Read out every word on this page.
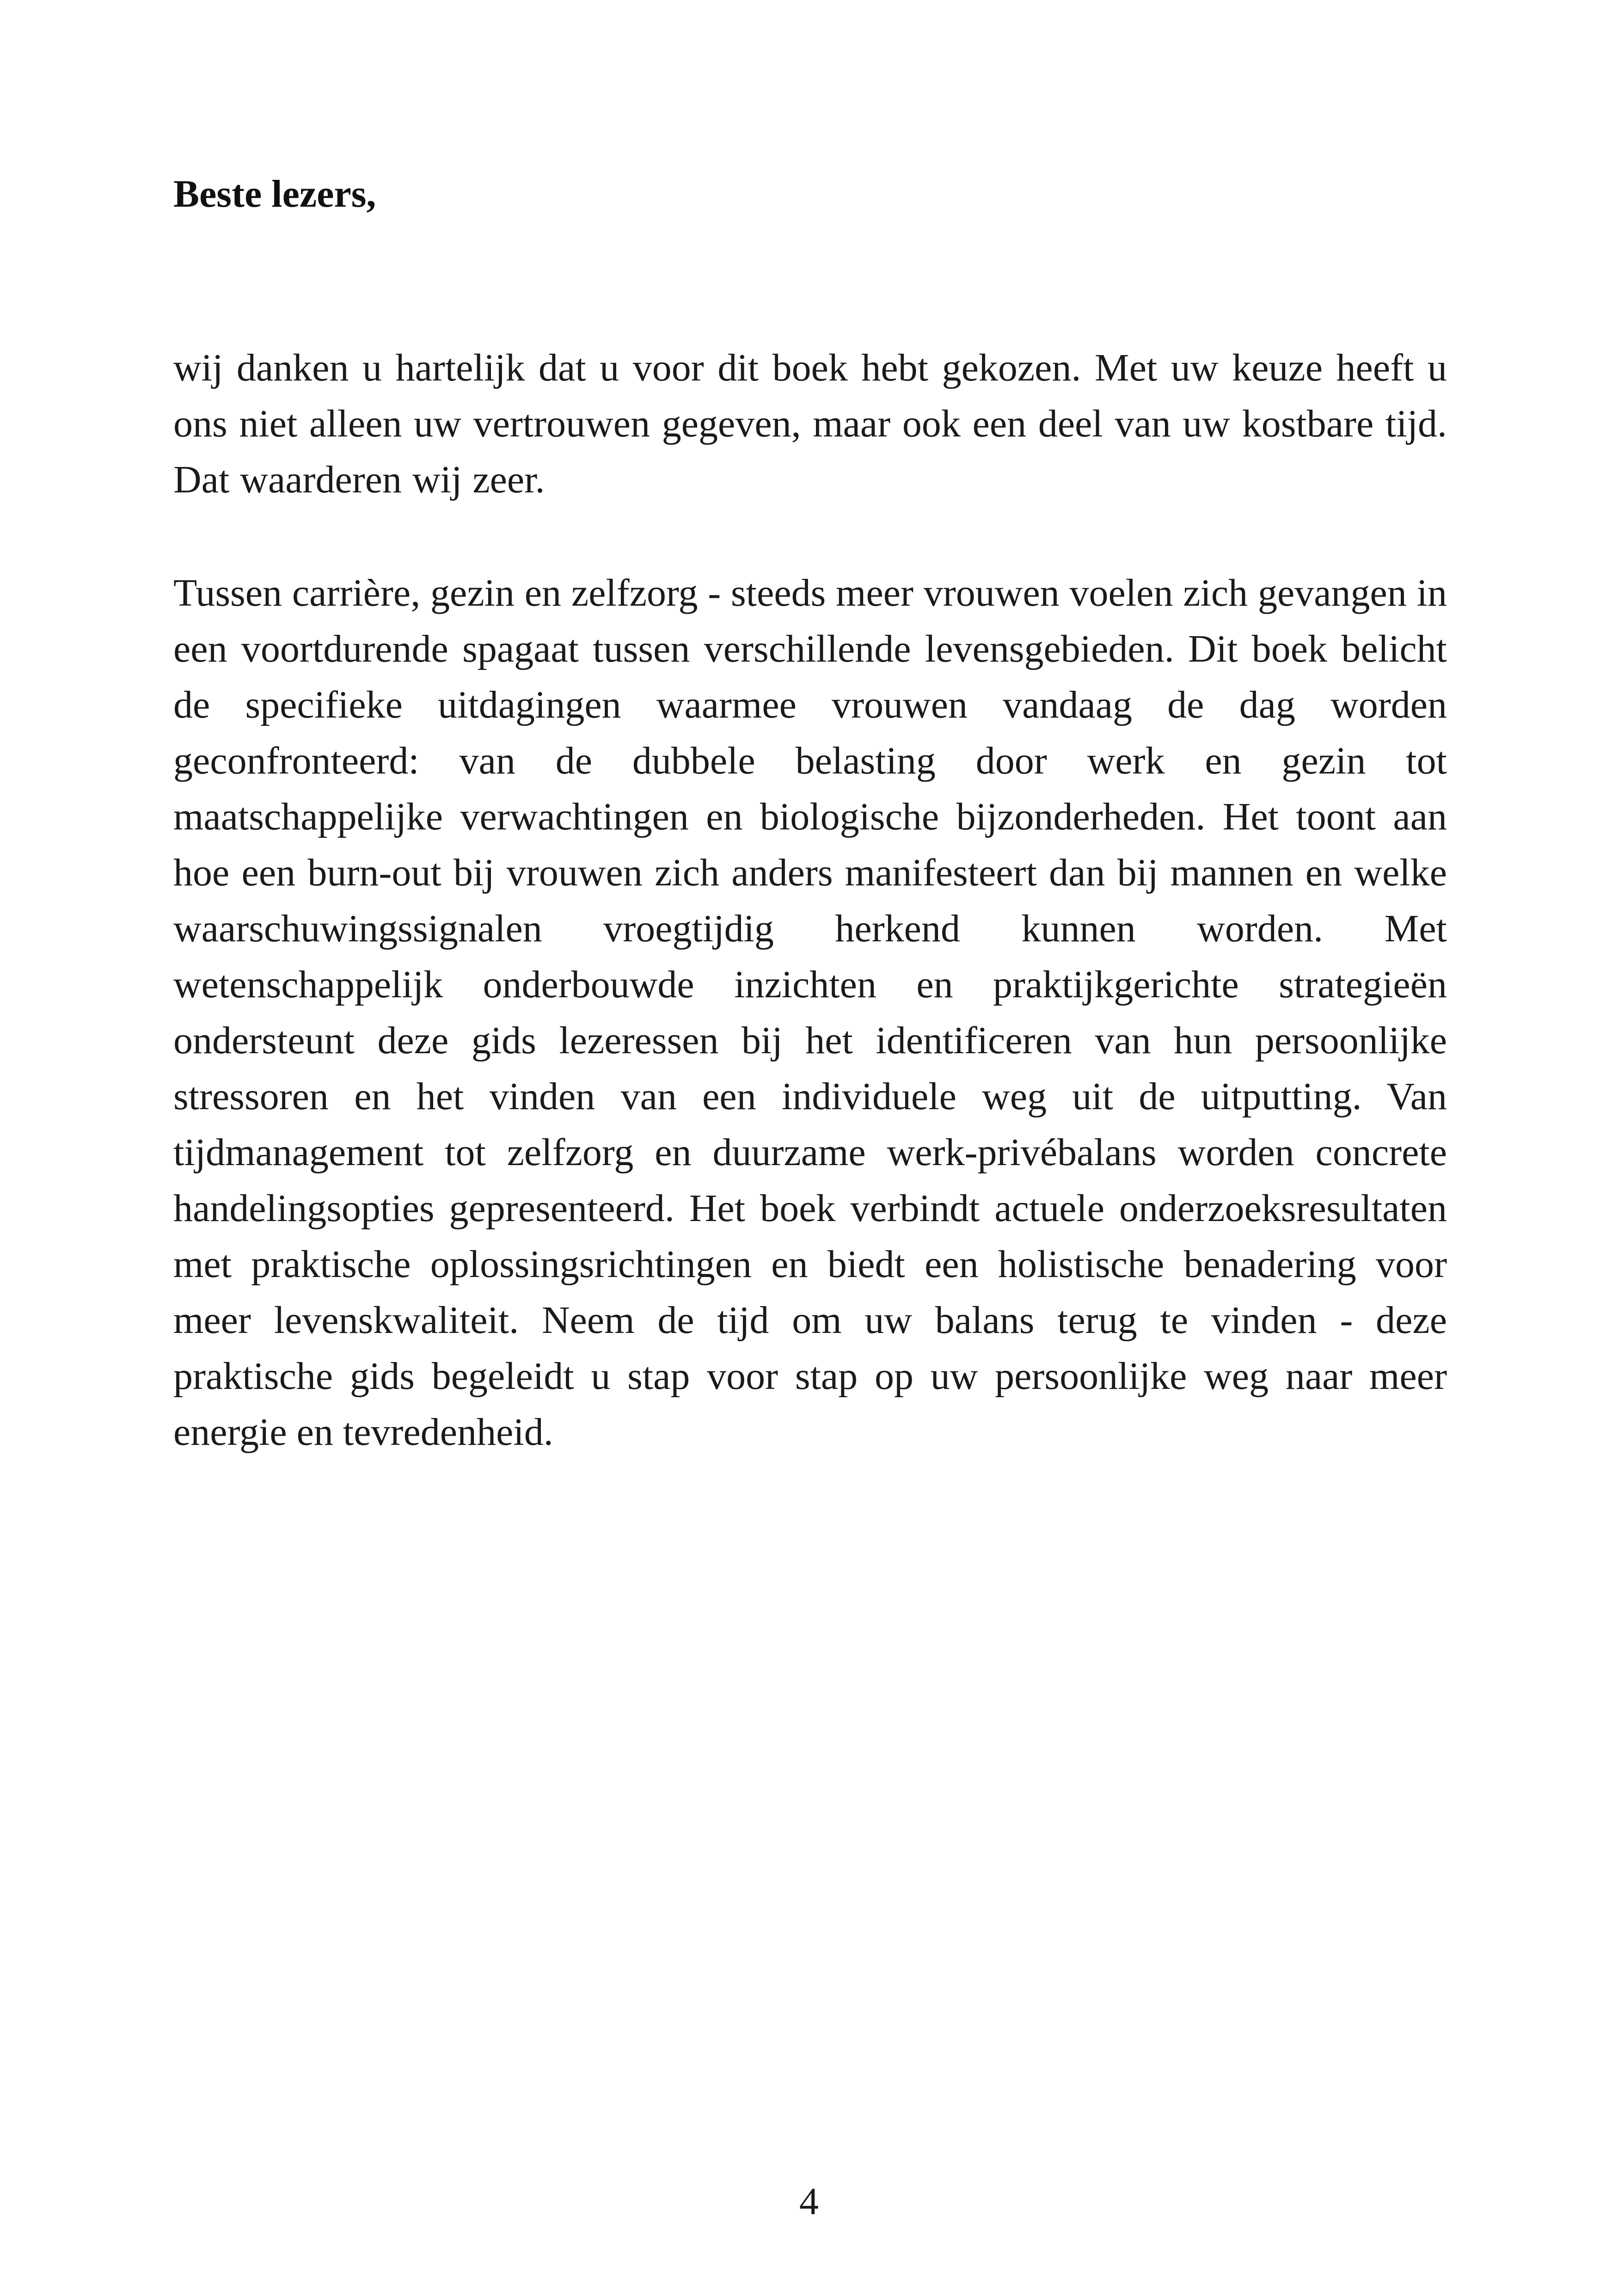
Beste lezers,

wij danken u hartelijk dat u voor dit boek hebt gekozen. Met uw keuze heeft u ons niet alleen uw vertrouwen gegeven, maar ook een deel van uw kostbare tijd. Dat waarderen wij zeer.

Tussen carrière, gezin en zelfzorg - steeds meer vrouwen voelen zich gevangen in een voortdurende spagaat tussen verschillende levensgebieden. Dit boek belicht de specifieke uitdagingen waarmee vrouwen vandaag de dag worden geconfronteerd: van de dubbele belasting door werk en gezin tot maatschappelijke verwachtingen en biologische bijzonderheden. Het toont aan hoe een burn-out bij vrouwen zich anders manifesteert dan bij mannen en welke waarschuwingssignalen vroegtijdig herkend kunnen worden. Met wetenschappelijk onderbouwde inzichten en praktijkgerichte strategieën ondersteunt deze gids lezeressen bij het identificeren van hun persoonlijke stressoren en het vinden van een individuele weg uit de uitputting. Van tijdmanagement tot zelfzorg en duurzame werk-privébalans worden concrete handelingsopties gepresenteerd. Het boek verbindt actuele onderzoeksresultaten met praktische oplossingsrichtingen en biedt een holistische benadering voor meer levenskwaliteit. Neem de tijd om uw balans terug te vinden - deze praktische gids begeleidt u stap voor stap op uw persoonlijke weg naar meer energie en tevredenheid.

4
